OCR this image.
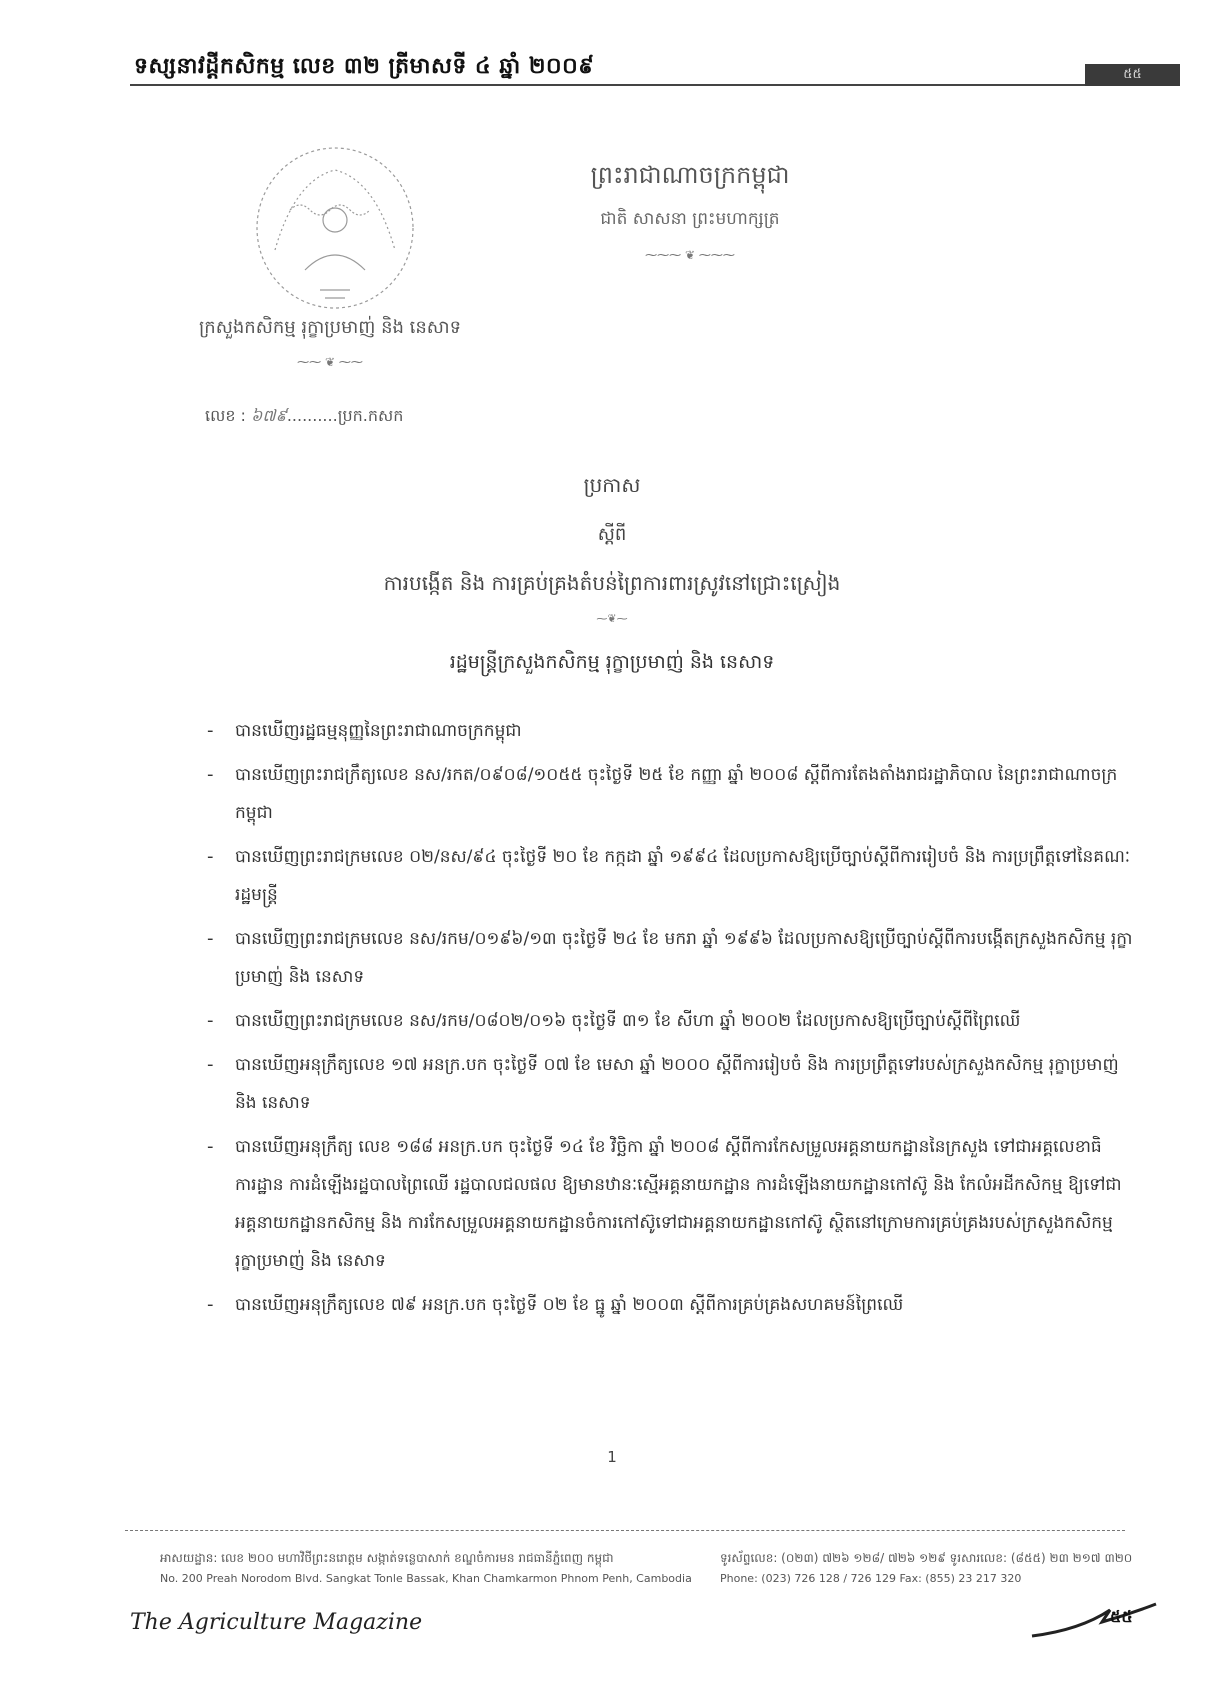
ទស្សនាវដ្តីកសិកម្ម លេខ ៣២ ត្រីមាសទី ៤ ឆ្នាំ ២០០៩	៥៥
ព្រះរាជាណាចក្រកម្ពុជា
ជាតិ សាសនា ព្រះមហាក្សត្រ
⁓⁓⁓ ❦ ⁓⁓⁓
ក្រសួងកសិកម្ម រុក្ខាប្រមាញ់ និង នេសាទ
⁓⁓ ❦ ⁓⁓
លេខ : ៦៧៩..........ប្រក.កសក
ប្រកាស
ស្តីពី
ការបង្កើត និង ការគ្រប់គ្រងតំបន់ព្រៃការពារស្រូវនៅជ្រោះស្រៀង
⁓❦⁓
រដ្ឋមន្ត្រីក្រសួងកសិកម្ម រុក្ខាប្រមាញ់ និង នេសាទ
- បានឃើញរដ្ឋធម្មនុញ្ញនៃព្រះរាជាណាចក្រកម្ពុជា
- បានឃើញព្រះរាជក្រឹត្យលេខ នស/រកត/០៩០៨/១០៥៥ ចុះថ្ងៃទី ២៥ ខែ កញ្ញា ឆ្នាំ ២០០៨ ស្តីពីការតែងតាំងរាជរដ្ឋាភិបាល នៃព្រះរាជាណាចក្រកម្ពុជា
- បានឃើញព្រះរាជក្រមលេខ ០២/នស/៩៤ ចុះថ្ងៃទី ២០ ខែ កក្កដា ឆ្នាំ ១៩៩៤ ដែលប្រកាសឱ្យប្រើច្បាប់ស្តីពីការរៀបចំ និង ការប្រព្រឹត្តទៅនៃគណៈរដ្ឋមន្ត្រី
- បានឃើញព្រះរាជក្រមលេខ នស/រកម/០១៩៦/១៣ ចុះថ្ងៃទី ២៤ ខែ មករា ឆ្នាំ ១៩៩៦ ដែលប្រកាសឱ្យប្រើច្បាប់ស្តីពីការបង្កើតក្រសួងកសិកម្ម រុក្ខាប្រមាញ់ និង នេសាទ
- បានឃើញព្រះរាជក្រមលេខ នស/រកម/០៨០២/០១៦ ចុះថ្ងៃទី ៣១ ខែ សីហា ឆ្នាំ ២០០២ ដែលប្រកាសឱ្យប្រើច្បាប់ស្តីពីព្រៃឈើ
- បានឃើញអនុក្រឹត្យលេខ ១៧ អនក្រ.បក ចុះថ្ងៃទី ០៧ ខែ មេសា ឆ្នាំ ២០០០ ស្តីពីការរៀបចំ និង ការប្រព្រឹត្តទៅរបស់ក្រសួងកសិកម្ម រុក្ខាប្រមាញ់ និង នេសាទ
- បានឃើញអនុក្រឹត្យ លេខ ១៨៨ អនក្រ.បក ចុះថ្ងៃទី ១៤ ខែ វិច្ឆិកា ឆ្នាំ ២០០៨ ស្តីពីការកែសម្រួលអគ្គនាយកដ្ឋាននៃក្រសួង ទៅជាអគ្គលេខាធិការដ្ឋាន ការដំឡើងរដ្ឋបាលព្រៃឈើ រដ្ឋបាលជលផល ឱ្យមានឋានៈស្មើអគ្គនាយកដ្ឋាន ការដំឡើងនាយកដ្ឋានកៅស៊ូ និង កែលំអដីកសិកម្ម ឱ្យទៅជាអគ្គនាយកដ្ឋានកសិកម្ម និង ការកែសម្រួលអគ្គនាយកដ្ឋានចំការកៅស៊ូទៅជាអគ្គនាយកដ្ឋានកៅស៊ូ ស្ថិតនៅក្រោមការគ្រប់គ្រងរបស់ក្រសួងកសិកម្ម រុក្ខាប្រមាញ់ និង នេសាទ
- បានឃើញអនុក្រឹត្យលេខ ៧៩ អនក្រ.បក ចុះថ្ងៃទី ០២ ខែ ធ្នូ ឆ្នាំ ២០០៣ ស្តីពីការគ្រប់គ្រងសហគមន៍ព្រៃឈើ
1
អាសយដ្ឋាន: លេខ ២០០ មហាវិថីព្រះនរោត្តម សង្កាត់ទន្លេបាសាក់ ខណ្ឌចំការមន រាជធានីភ្នំពេញ កម្ពុជា
No. 200 Preah Norodom Blvd. Sangkat Tonle Bassak, Khan Chamkarmon Phnom Penh, Cambodia
ទូរស័ព្ទលេខ: (០២៣) ៧២៦ ១២៨/ ៧២៦ ១២៩ ទូរសារលេខ: (៨៥៥) ២៣ ២១៧ ៣២០
Phone: (023) 726 128 / 726 129 Fax: (855) 23 217 320
The Agriculture Magazine	៥៥
